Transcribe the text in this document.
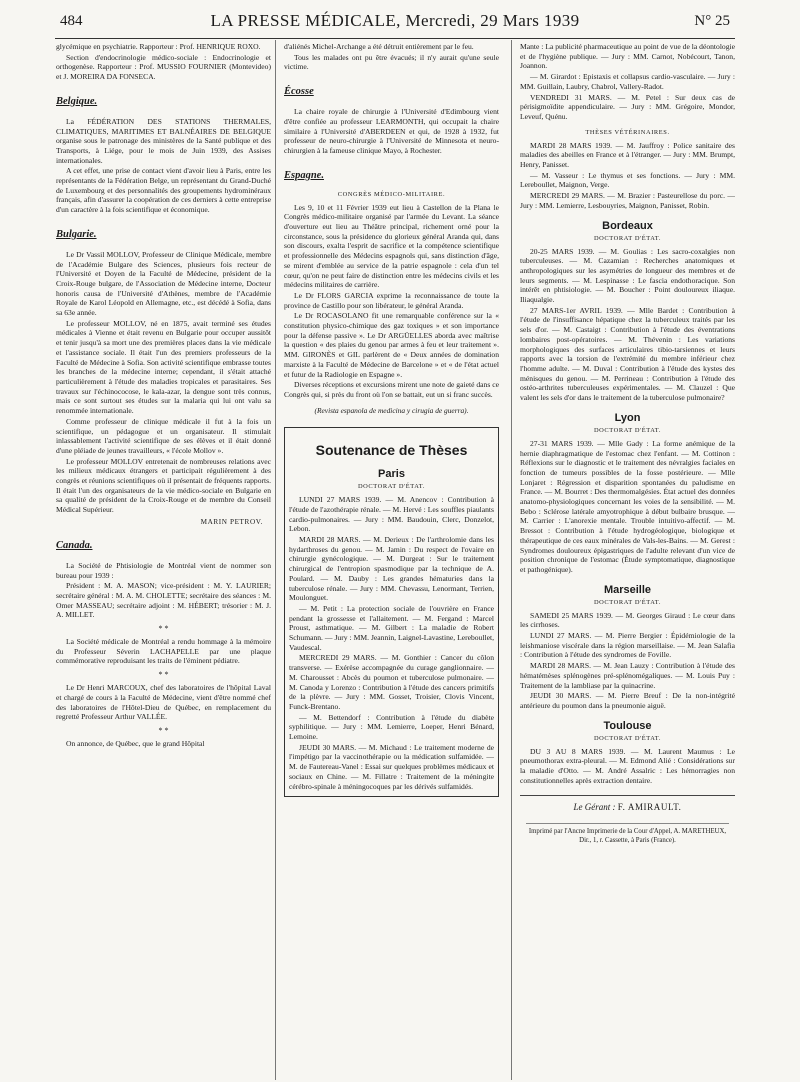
484	LA PRESSE MÉDICALE, Mercredi, 29 Mars 1939	N° 25

glycémique en psychiatrie. Rapporteur : Prof. HENRIQUE ROXO.

Section d'endocrinologie médico-sociale : Endocrinologie et orthogenèse. Rapporteur : Prof. MUSSIO FOURNIER (Montevideo) et J. MOREIRA DA FONSECA.

Belgique.

La FÉDÉRATION DES STATIONS THERMALES, CLIMATIQUES, MARITIMES ET BALNÉAIRES DE BELGIQUE organise sous le patronage des ministères de la Santé publique et des Transports, à Liége, pour le mois de Juin 1939, des Assises internationales.

A cet effet, une prise de contact vient d'avoir lieu à Paris, entre les représentants de la Fédération Belge, un représentant du Grand-Duché de Luxembourg et des personnalités des groupements hydrominéraux français, afin d'assurer la coopération de ces derniers à cette entreprise d'un caractère à la fois scientifique et économique.

Bulgarie.

Le Dr Vassil MOLLOV, Professeur de Clinique Médicale, membre de l'Académie Bulgare des Sciences, plusieurs fois recteur de l'Université et Doyen de la Faculté de Médecine, président de la Croix-Rouge bulgare, de l'Association de Médecine interne, Docteur honoris causa de l'Université d'Athènes, membre de l'Académie Royale de Karol Léopold en Allemagne, etc., est décédé à Sofia, dans sa 63e année.

Le professeur MOLLOV, né en 1875, avait terminé ses études médicales à Vienne et était revenu en Bulgarie pour occuper aussitôt et tenir jusqu'à sa mort une des premières places dans la vie médicale et l'assistance sociale. Il était l'un des premiers professeurs de la Faculté de Médecine à Sofia. Son activité scientifique embrasse toutes les branches de la médecine interne; cependant, il s'était attaché particulièrement à l'étude des maladies tropicales et parasitaires. Ses travaux sur l'échinococose, le kala-azar, la dengue sont très connus, mais ce sont surtout ses études sur la malaria qui lui ont valu sa renommée internationale.

Comme professeur de clinique médicale il fut à la fois un scientifique, un pédagogue et un organisateur. Il stimulait inlassablement l'activité scientifique de ses élèves et il était donné d'une pléiade de jeunes travailleurs, « l'école Mollov ».

Le professeur MOLLOV entretenait de nombreuses relations avec les milieux médicaux étrangers et participait régulièrement à des congrès et réunions scientifiques où il présentait de fréquents rapports. Il était l'un des organisateurs de la vie médico-sociale en Bulgarie en sa qualité de président de la Croix-Rouge et de membre du Conseil Médical Supérieur.

MARIN PETROV.
Canada.

La Société de Phtisiologie de Montréal vient de nommer son bureau pour 1939 :

Président : M. A. MASON; vice-président : M. Y. LAURIER; secrétaire général : M. A. M. CHOLETTE; secrétaire des séances : M. Omer MASSEAU; secrétaire adjoint : M. HÉBERT; trésorier : M. J. A. MILLET.

* *

La Société médicale de Montréal a rendu hommage à la mémoire du Professeur Séverin LACHAPELLE par une plaque commémorative reproduisant les traits de l'éminent pédiatre.

* *

Le Dr Henri MARCOUX, chef des laboratoires de l'hôpital Laval et chargé de cours à la Faculté de Médecine, vient d'être nommé chef des laboratoires de l'Hôtel-Dieu de Québec, en remplacement du regretté Professeur Arthur VALLÉE.

* *

On annonce, de Québec, que le grand Hôpital

d'aliénés Michel-Archange a été détruit entièrement par le feu.

Tous les malades ont pu être évacués; il n'y aurait qu'une seule victime.

Écosse

La chaire royale de chirurgie à l'Université d'Edimbourg vient d'être confiée au professeur LEARMONTH, qui occupait la chaire similaire à l'Université d'ABERDEEN et qui, de 1928 à 1932, fut professeur de neuro-chirurgie à l'Université de Minnesota et neuro-chirurgien à la fameuse clinique Mayo, à Rochester.

Espagne.
CONGRÈS MÉDICO-MILITAIRE.

Les 9, 10 et 11 Février 1939 eut lieu à Castellon de la Plana le Congrès médico-militaire organisé par l'armée du Levant. La séance d'ouverture eut lieu au Théâtre principal, richement orné pour la circonstance, sous la présidence du glorieux général Aranda qui, dans son discours, exalta l'esprit de sacrifice et la compétence scientifique et professionnelle des Médecins espagnols qui, sans distinction d'âge, se mirent d'emblée au service de la patrie espagnole : cela d'un tel cœur, qu'on ne peut faire de distinction entre les médecins civils et les médecins militaires de carrière.

Le Dr FLORS GARCIA exprime la reconnaissance de toute la province de Castillo pour son libérateur, le général Aranda.

Le Dr ROCASOLANO fit une remarquable conférence sur la « constitution physico-chimique des gaz toxiques » et son importance pour la défense passive ». Le Dr ARGÜELLES aborda avec maîtrise la question « des plaies du genou par armes à feu et leur traitement ». MM. GIRONÈS et GIL parlèrent de « Deux années de domination marxiste à la Faculté de Médecine de Barcelone » et « de l'état actuel et futur de la Radiologie en Espagne ».

Diverses réceptions et excursions mirent une note de gaieté dans ce Congrès qui, si près du front où l'on se battait, eut un si franc succès.

(Revista espanola de medicina y cirugia de guerra).
Soutenance de Thèses
Paris
DOCTORAT D'ÉTAT.

LUNDI 27 MARS 1939. — M. Anencov : Contribution à l'étude de l'azothérapie rénale. — M. Hervé : Les souffles piaulants cardio-pulmonaires. — Jury : MM. Baudouin, Clerc, Donzelot, Lebon.

MARDI 28 MARS. — M. Derieux : De l'arthrolomie dans les hydarthroses du genou. — M. Jamin : Du respect de l'ovaire en chirurgie gynécologique. — M. Durgeat : Sur le traitement chirurgical de l'entropion spasmodique par la technique de A. Poulard. — M. Dauby : Les grandes hématuries dans la tuberculose rénale. — Jury : MM. Chevassu, Lenormant, Terrien, Moulonguet.

— M. Petit : La protection sociale de l'ouvrière en France pendant la grossesse et l'allaitement. — M. Fergand : Marcel Proust, asthmatique. — M. Gilbert : La maladie de Robert Schumann. — Jury : MM. Jeannin, Laignel-Lavastine, Lereboullet, Vaudescal.

MERCREDI 29 MARS. — M. Gonthier : Cancer du côlon transverse. — Exérèse accompagnée du curage ganglionnaire. — M. Charousset : Abcès du poumon et tuberculose pulmonaire. — M. Canoda y Lorenzo : Contribution à l'étude des cancers primitifs de la plèvre. — Jury : MM. Gosset, Troisier, Clovis Vincent, Funck-Brentano.

— M. Bettendorf : Contribution à l'étude du diabète syphilitique. — Jury : MM. Lemierre, Loeper, Henri Bénard, Lemoine.

JEUDI 30 MARS. — M. Michaud : Le traitement moderne de l'impétigo par la vaccinothérapie ou la médication sulfamidée. — M. de Fautereau-Vanel : Essai sur quelques problèmes médicaux et sociaux en Chine. — M. Fillatre : Traitement de la méningite cérébro-spinale à méningocoques par les dérivés sulfamidés.

Mante : La publicité pharmaceutique au point de vue de la déontologie et de l'hygiène publique. — Jury : MM. Carnot, Nobécourt, Tanon, Joannon.

— M. Girardot : Epistaxis et collapsus cardio-vasculaire. — Jury : MM. Guillain, Laubry, Chabrol, Vallery-Radot.

VENDREDI 31 MARS. — M. Petel : Sur deux cas de périsigmoïdite appendiculaire. — Jury : MM. Grégoire, Mondor, Leveuf, Quénu.

THÈSES VÉTÉRINAIRES.

MARDI 28 MARS 1939. — M. Jauffroy : Police sanitaire des maladies des abeilles en France et à l'étranger. — Jury : MM. Brumpt, Henry, Panisset.

— M. Vasseur : Le thymus et ses fonctions. — Jury : MM. Lereboullet, Maignon, Verge.

MERCREDI 29 MARS. — M. Brazier : Pasteurellose du porc. — Jury : MM. Lemierre, Lesbouyries, Maignon, Panisset, Robin.

Bordeaux
DOCTORAT D'ÉTAT.

20-25 MARS 1939. — M. Goulias : Les sacro-coxalgies non tuberculeuses. — M. Cazamian : Recherches anatomiques et anthropologiques sur les asymétries de longueur des membres et de leurs segments. — M. Lespinasse : Le fascia endothoracique. Son intérêt en phtisiologie. — M. Boucher : Point douloureux iliaque. Iliaqualgie.

27 MARS-1er AVRIL 1939. — Mlle Bardet : Contribution à l'étude de l'insuffisance hépatique chez la tuberculeux traités par les sels d'or. — M. Castaigt : Contribution à l'étude des éventrations lombaires post-opératoires. — M. Thévenin : Les variations morphologiques des surfaces articulaires tibio-tarsiennes et leurs rapports avec la torsion de l'extrémité du membre inférieur chez l'homme adulte. — M. Duval : Contribution à l'étude des kystes des ménisques du genou. — M. Perrineau : Contribution à l'étude des ostéo-arthrites tuberculeuses expérimentales. — M. Clauzel : Que valent les sels d'or dans le traitement de la tuberculose pulmonaire?

Lyon
DOCTORAT D'ÉTAT.

27-31 MARS 1939. — Mlle Gady : La forme anémique de la hernie diaphragmatique de l'estomac chez l'enfant. — M. Cottinon : Réflexions sur le diagnostic et le traitement des névralgies faciales en fonction de tumeurs possibles de la fosse postérieure. — Mlle Lonjaret : Régression et disparition spontanées du paludisme en France. — M. Bourret : Des thermomalgésies. État actuel des données anatomo-physiologiques concernant les voies de la sensibilité. — M. Bebo : Sclérose latérale amyotrophique à début bulbaire brusque. — M. Carrier : L'anorexie mentale. Trouble intuitivo-affectif. — M. Bressot : Contribution à l'étude hydrogéologique, biologique et thérapeutique de ces eaux minérales de Vals-les-Bains. — M. Gerest : Syndromes douloureux épigastriques de l'adulte relevant d'un vice de position chronique de l'estomac (Étude symptomatique, diagnostique et pathogénique).

Marseille
DOCTORAT D'ÉTAT.

SAMEDI 25 MARS 1939. — M. Georges Giraud : Le cœur dans les cirrhoses.

LUNDI 27 MARS. — M. Pierre Bergier : Épidémiologie de la leishmaniose viscérale dans la région marseillaise. — M. Jean Salafia : Contribution à l'étude des syndromes de Foville.

MARDI 28 MARS. — M. Jean Lauzy : Contribution à l'étude des hématémèses splénogènes pré-splénomégaliques. — M. Louis Puy : Traitement de la lambliase par la quinacrine.

JEUDI 30 MARS. — M. Pierre Breuf : De la non-intégrité antérieure du poumon dans la pneumonie aiguë.

Toulouse
DOCTORAT D'ÉTAT.

DU 3 AU 8 MARS 1939. — M. Laurent Maumus : Le pneumothorax extra-pleural. — M. Edmond Alié : Considérations sur la maladie d'Otto. — M. André Assalric : Les hémorragies non constitutionnelles après extraction dentaire.

Le Gérant : F. AMIRAULT.
Imprimé par l'Ancne Imprimerie de la Cour d'Appel, A. MARETHEUX, Dir., 1, r. Cassette, à Paris (France).
